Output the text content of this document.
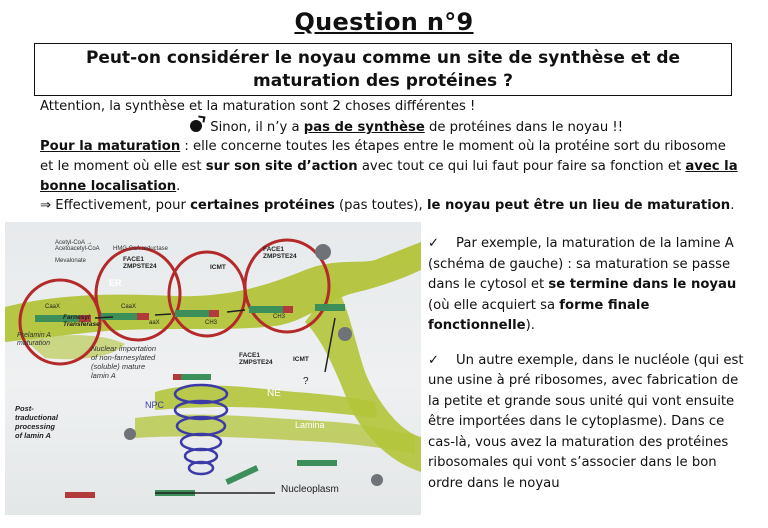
Question n°9
Peut-on considérer le noyau comme un site de synthèse et de maturation des protéines ?
Attention, la synthèse et la maturation sont 2 choses différentes !
Sinon, il n’y a pas de synthèse de protéines dans le noyau !!
Pour la maturation : elle concerne toutes les étapes entre le moment où la protéine sort du ribosome et le moment où elle est sur son site d’action avec tout ce qui lui faut pour faire sa fonction et avec la bonne localisation.
⇒ Effectivement, pour certaines protéines (pas toutes), le noyau peut être un lieu de maturation.
Acetyl-CoA →
Acetoacetyl-CoA
Mevalonate
HMG CoA reductase
FACE1
ZMPSTE24	ICMT
FACE1
ZMPSTE24
ER
CaaX	CaaX
aaX	CH3
CH3
Farnesyl
Transferase
Prelamin A
maturation
Nuclear importation
of non-farnesylated
(soluble) mature
lamin A
FACE1
ZMPSTE24	ICMT
?
NE
NPC
Lamina
Post-
traductional
processing
of lamin A
Nucleoplasm

✓ Par exemple, la maturation de la lamine A (schéma de gauche) : sa maturation se passe dans le cytosol et se termine dans le noyau (où elle acquiert sa forme finale fonctionnelle).

✓ Un autre exemple, dans le nucléole (qui est une usine à pré ribosomes, avec fabrication de la petite et grande sous unité qui vont ensuite être importées dans le cytoplasme). Dans ce cas-là, vous avez la maturation des protéines ribosomales qui vont s’associer dans le bon ordre dans le noyau
